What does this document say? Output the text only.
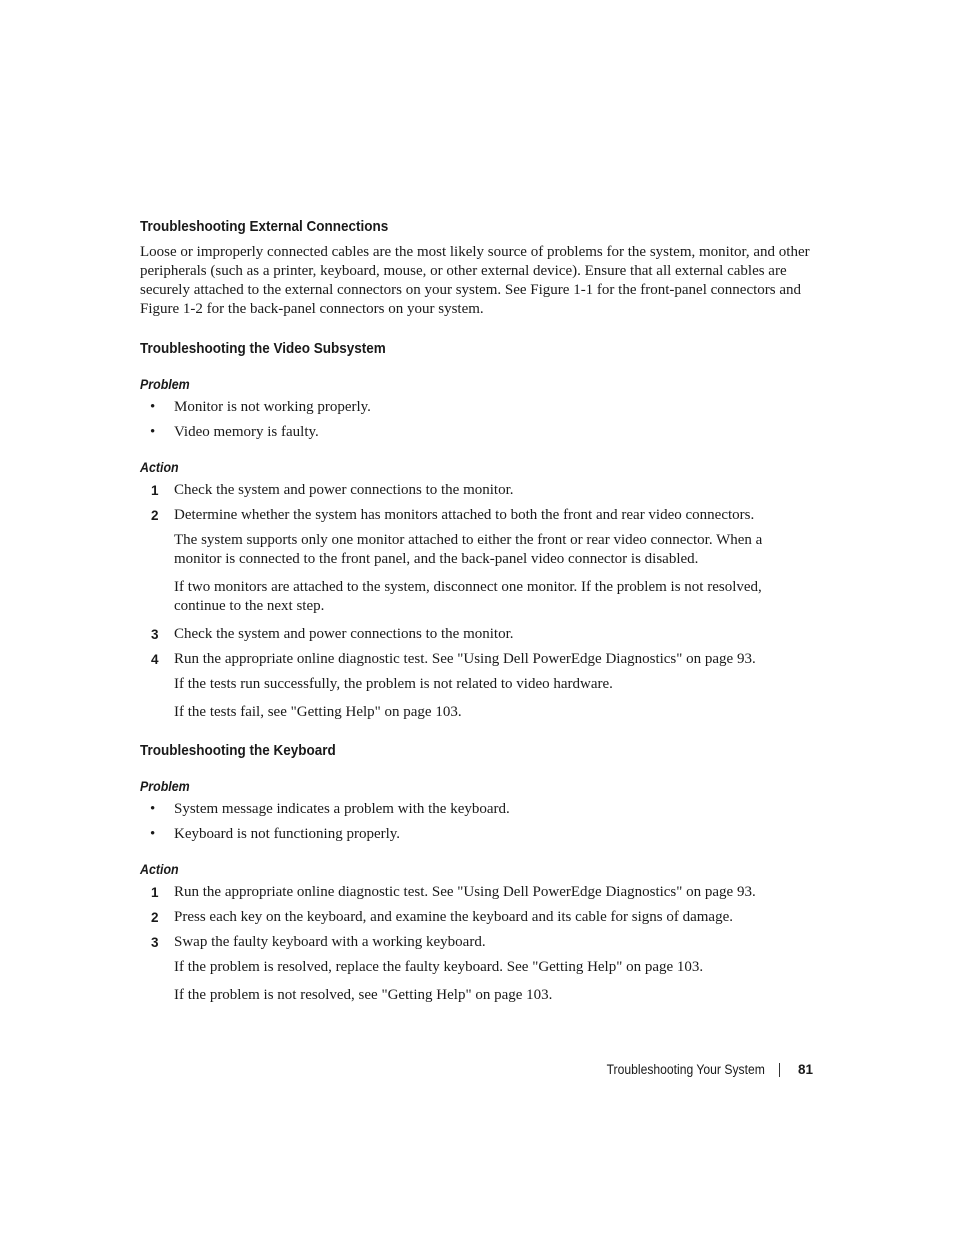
Troubleshooting External Connections
Loose or improperly connected cables are the most likely source of problems for the system, monitor, and other peripherals (such as a printer, keyboard, mouse, or other external device). Ensure that all external cables are securely attached to the external connectors on your system. See Figure 1-1 for the front-panel connectors and Figure 1-2 for the back-panel connectors on your system.
Troubleshooting the Video Subsystem
Problem
• Monitor is not working properly.
• Video memory is faulty.
Action
1 Check the system and power connections to the monitor.
2 Determine whether the system has monitors attached to both the front and rear video connectors.
The system supports only one monitor attached to either the front or rear video connector. When a monitor is connected to the front panel, and the back-panel video connector is disabled.
If two monitors are attached to the system, disconnect one monitor. If the problem is not resolved, continue to the next step.
3 Check the system and power connections to the monitor.
4 Run the appropriate online diagnostic test. See "Using Dell PowerEdge Diagnostics" on page 93.
If the tests run successfully, the problem is not related to video hardware.
If the tests fail, see "Getting Help" on page 103.
Troubleshooting the Keyboard
Problem
• System message indicates a problem with the keyboard.
• Keyboard is not functioning properly.
Action
1 Run the appropriate online diagnostic test. See "Using Dell PowerEdge Diagnostics" on page 93.
2 Press each key on the keyboard, and examine the keyboard and its cable for signs of damage.
3 Swap the faulty keyboard with a working keyboard.
If the problem is resolved, replace the faulty keyboard. See "Getting Help" on page 103.
If the problem is not resolved, see "Getting Help" on page 103.
Troubleshooting Your System 81
